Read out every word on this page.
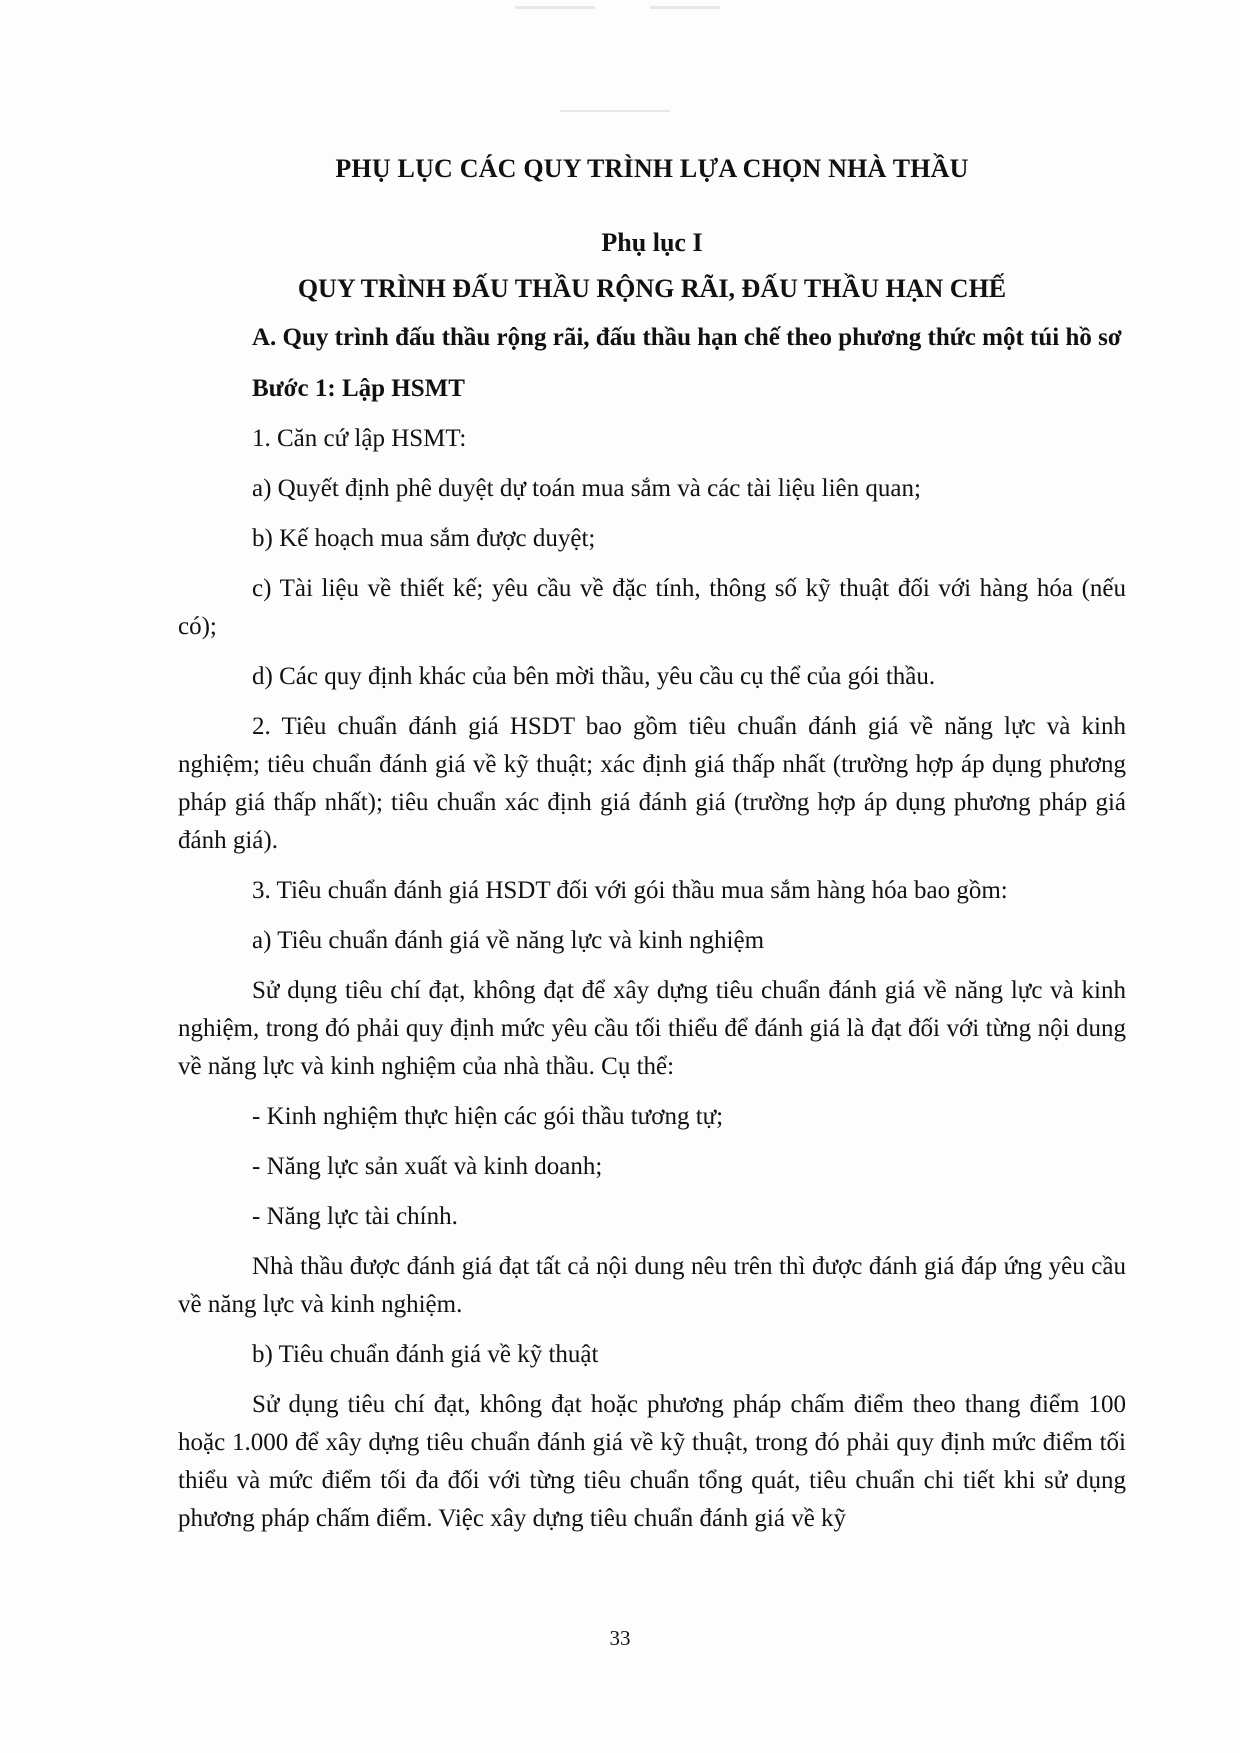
PHỤ LỤC CÁC QUY TRÌNH LỰA CHỌN NHÀ THẦU
Phụ lục I
QUY TRÌNH ĐẤU THẦU RỘNG RÃI, ĐẤU THẦU HẠN CHẾ
A. Quy trình đấu thầu rộng rãi, đấu thầu hạn chế theo phương thức một túi hồ sơ
Bước 1: Lập HSMT

1. Căn cứ lập HSMT:

a) Quyết định phê duyệt dự toán mua sắm và các tài liệu liên quan;

b) Kế hoạch mua sắm được duyệt;

c) Tài liệu về thiết kế; yêu cầu về đặc tính, thông số kỹ thuật đối với hàng hóa (nếu có);

d) Các quy định khác của bên mời thầu, yêu cầu cụ thể của gói thầu.

2. Tiêu chuẩn đánh giá HSDT bao gồm tiêu chuẩn đánh giá về năng lực và kinh nghiệm; tiêu chuẩn đánh giá về kỹ thuật; xác định giá thấp nhất (trường hợp áp dụng phương pháp giá thấp nhất); tiêu chuẩn xác định giá đánh giá (trường hợp áp dụng phương pháp giá đánh giá).

3. Tiêu chuẩn đánh giá HSDT đối với gói thầu mua sắm hàng hóa bao gồm:

a) Tiêu chuẩn đánh giá về năng lực và kinh nghiệm

Sử dụng tiêu chí đạt, không đạt để xây dựng tiêu chuẩn đánh giá về năng lực và kinh nghiệm, trong đó phải quy định mức yêu cầu tối thiểu để đánh giá là đạt đối với từng nội dung về năng lực và kinh nghiệm của nhà thầu. Cụ thể:

- Kinh nghiệm thực hiện các gói thầu tương tự;

- Năng lực sản xuất và kinh doanh;

- Năng lực tài chính.

Nhà thầu được đánh giá đạt tất cả nội dung nêu trên thì được đánh giá đáp ứng yêu cầu về năng lực và kinh nghiệm.

b) Tiêu chuẩn đánh giá về kỹ thuật

Sử dụng tiêu chí đạt, không đạt hoặc phương pháp chấm điểm theo thang điểm 100 hoặc 1.000 để xây dựng tiêu chuẩn đánh giá về kỹ thuật, trong đó phải quy định mức điểm tối thiểu và mức điểm tối đa đối với từng tiêu chuẩn tổng quát, tiêu chuẩn chi tiết khi sử dụng phương pháp chấm điểm. Việc xây dựng tiêu chuẩn đánh giá về kỹ

33
